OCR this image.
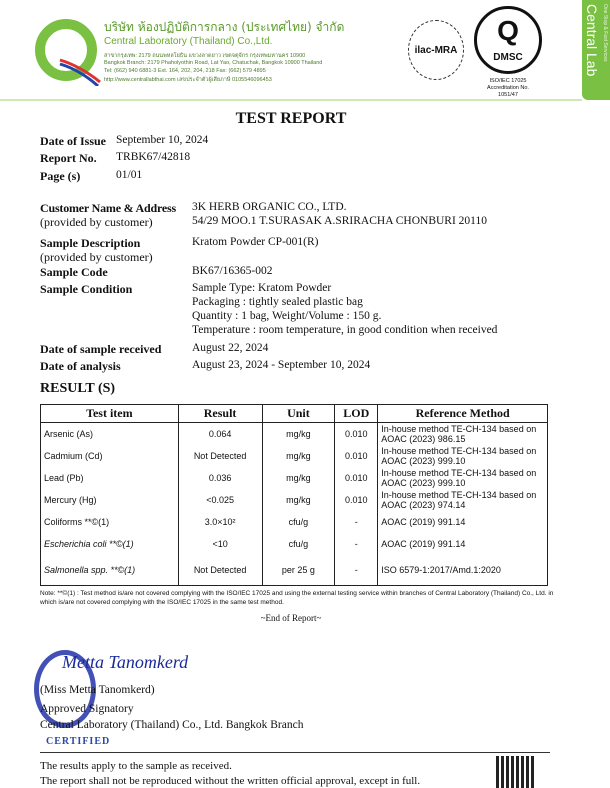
บริษัท ห้องปฏิบัติการกลาง (ประเทศไทย) จำกัด
Central Laboratory (Thailand) Co.,Ltd.
สาขากรุงเทพ: 2179 ถนนพหลโยธิน แขวงลาดยาว เขตจตุจักร กรุงเทพมหานคร 10900
Bangkok Branch: 2179 Phaholyothin Road, Lat Yao, Chatuchak, Bangkok 10900 Thailand
Tel: (662) 940 6881-3 Ext. 164, 202, 204, 218 Fax: (662) 579 4895
http://www.centrallabthai.com เลขประจำตัวผู้เสียภาษี 0105546096453
ilac-MRA
Q
DMSC
ISO/IEC 17025
Accreditation No. 1051/47
Central Lab One Stop & Fast Services
TEST REPORT
Date of Issue September 10, 2024
Report No. TRBK67/42818
Page (s)	01/01
Customer Name & Address
(provided by customer)
3K HERB ORGANIC CO., LTD.
54/29 MOO.1 T.SURASAK A.SRIRACHA CHONBURI 20110
Sample Description
(provided by customer)
Kratom Powder CP-001(R)
Sample Code	BK67/16365-002
Sample Condition	Sample Type: Kratom Powder
Packaging : tightly sealed plastic bag
Quantity : 1 bag, Weight/Volume : 150 g.
Temperature : room temperature, in good condition when received
Date of sample received	August 22, 2024
Date of analysis	August 23, 2024 - September 10, 2024
RESULT (S)
Test item	Result	Unit	LOD	Reference Method
Arsenic (As)	0.064	mg/kg	0.010	In-house method TE-CH-134 based on AOAC (2023) 986.15
Cadmium (Cd)	Not Detected	mg/kg	0.010	In-house method TE-CH-134 based on AOAC (2023) 999.10
Lead (Pb)	0.036	mg/kg	0.010	In-house method TE-CH-134 based on AOAC (2023) 999.10
Mercury (Hg)	<0.025	mg/kg	0.010	In-house method TE-CH-134 based on AOAC (2023) 974.14
Coliforms **©(1)	3.0×10²	cfu/g	-	AOAC (2019) 991.14
Escherichia coli **©(1)	<10	cfu/g	-	AOAC (2019) 991.14
Salmonella spp. **©(1)	Not Detected	per 25 g	-	ISO 6579-1:2017/Amd.1:2020
Note: **©(1) : Test method is/are not covered complying with the ISO/IEC 17025 and using the external testing service within branches of Central Laboratory (Thailand) Co., Ltd. in which is/are not covered complying with the ISO/IEC 17025 in the same test method.
~End of Report~
Metta Tanomkerd
(Miss Metta Tanomkerd)
Approved Signatory
Central Laboratory (Thailand) Co., Ltd. Bangkok Branch
CERTIFIED
The results apply to the sample as received.
The report shall not be reproduced without the written official approval, except in full.
